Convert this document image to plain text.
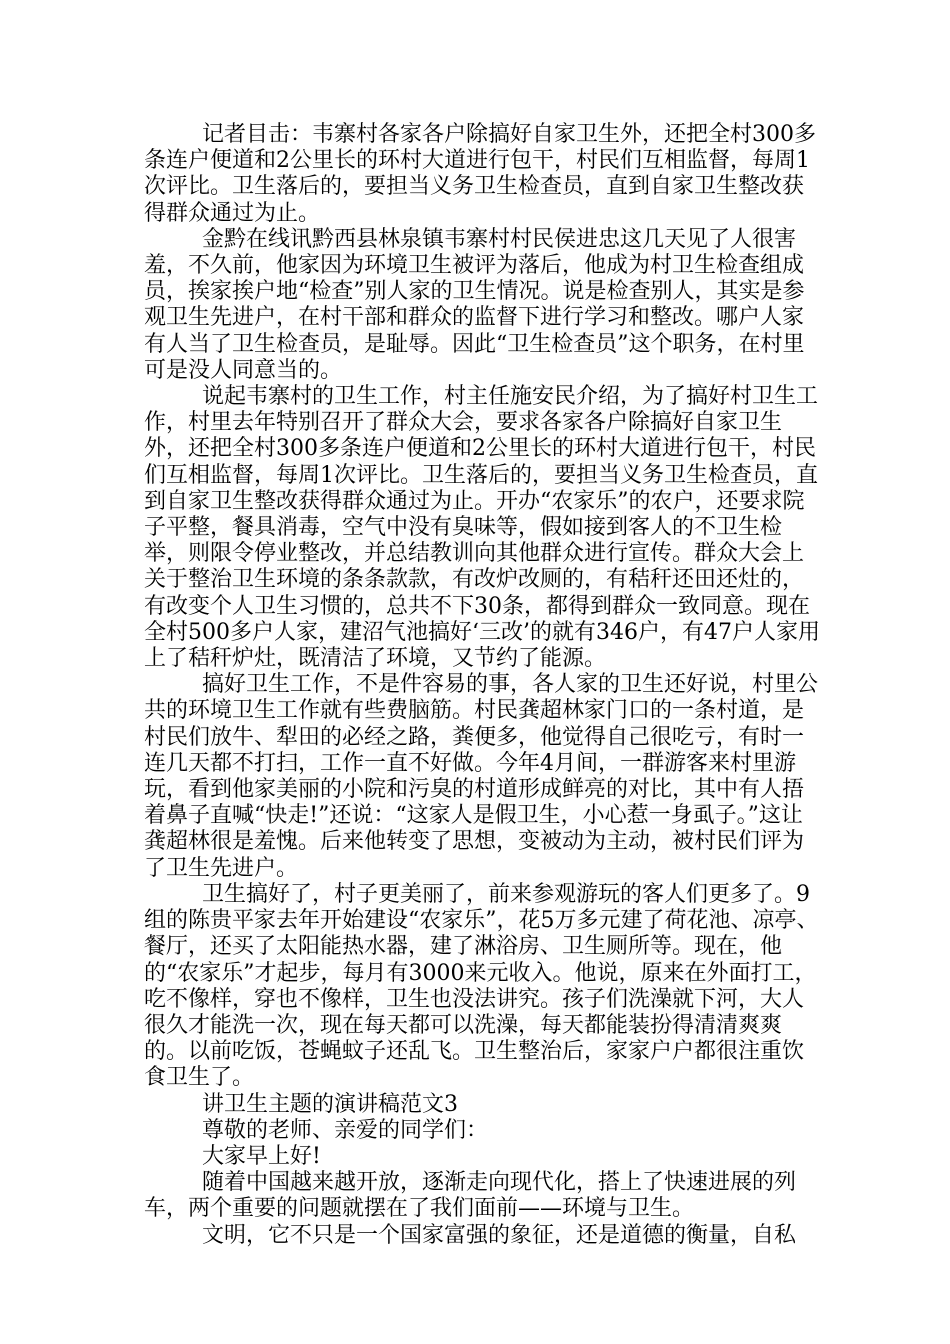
记者目击：韦寨村各家各户除搞好自家卫生外，还把全村300多条连户便道和2公里长的环村大道进行包干，村民们互相监督，每周1次评比。卫生落后的，要担当义务卫生检查员，直到自家卫生整改获得群众通过为止。

金黔在线讯黔西县林泉镇韦寨村村民侯进忠这几天见了人很害羞，不久前，他家因为环境卫生被评为落后，他成为村卫生检查组成员，挨家挨户地“检查”别人家的卫生情况。说是检查别人，其实是参观卫生先进户，在村干部和群众的监督下进行学习和整改。哪户人家有人当了卫生检查员，是耻辱。因此“卫生检查员”这个职务，在村里可是没人同意当的。

说起韦寨村的卫生工作，村主任施安民介绍，为了搞好村卫生工作，村里去年特别召开了群众大会，要求各家各户除搞好自家卫生外，还把全村300多条连户便道和2公里长的环村大道进行包干，村民们互相监督，每周1次评比。卫生落后的，要担当义务卫生检查员，直到自家卫生整改获得群众通过为止。开办“农家乐”的农户，还要求院子平整，餐具消毒，空气中没有臭味等，假如接到客人的不卫生检举，则限令停业整改，并总结教训向其他群众进行宣传。群众大会上关于整治卫生环境的条条款款，有改炉改厕的，有秸秆还田还灶的，有改变个人卫生习惯的，总共不下30条，都得到群众一致同意。现在全村500多户人家，建沼气池搞好‘三改’的就有346户，有47户人家用上了秸秆炉灶，既清洁了环境，又节约了能源。

搞好卫生工作，不是件容易的事，各人家的卫生还好说，村里公共的环境卫生工作就有些费脑筋。村民龚超林家门口的一条村道，是村民们放牛、犁田的必经之路，粪便多，他觉得自己很吃亏，有时一连几天都不打扫，工作一直不好做。今年4月间，一群游客来村里游玩，看到他家美丽的小院和污臭的村道形成鲜亮的对比，其中有人捂着鼻子直喊“快走!”还说：“这家人是假卫生，小心惹一身虱子。”这让龚超林很是羞愧。后来他转变了思想，变被动为主动，被村民们评为了卫生先进户。

卫生搞好了，村子更美丽了，前来参观游玩的客人们更多了。9组的陈贵平家去年开始建设“农家乐”，花5万多元建了荷花池、凉亭、餐厅，还买了太阳能热水器，建了淋浴房、卫生厕所等。现在，他的“农家乐”才起步，每月有3000来元收入。他说，原来在外面打工，吃不像样，穿也不像样，卫生也没法讲究。孩子们洗澡就下河，大人很久才能洗一次，现在每天都可以洗澡，每天都能装扮得清清爽爽的。以前吃饭，苍蝇蚊子还乱飞。卫生整治后，家家户户都很注重饮食卫生了。

讲卫生主题的演讲稿范文3

尊敬的老师、亲爱的同学们：

大家早上好!

随着中国越来越开放，逐渐走向现代化，搭上了快速进展的列车，两个重要的问题就摆在了我们面前——环境与卫生。

文明，它不只是一个国家富强的象征，还是道德的衡量，自私
